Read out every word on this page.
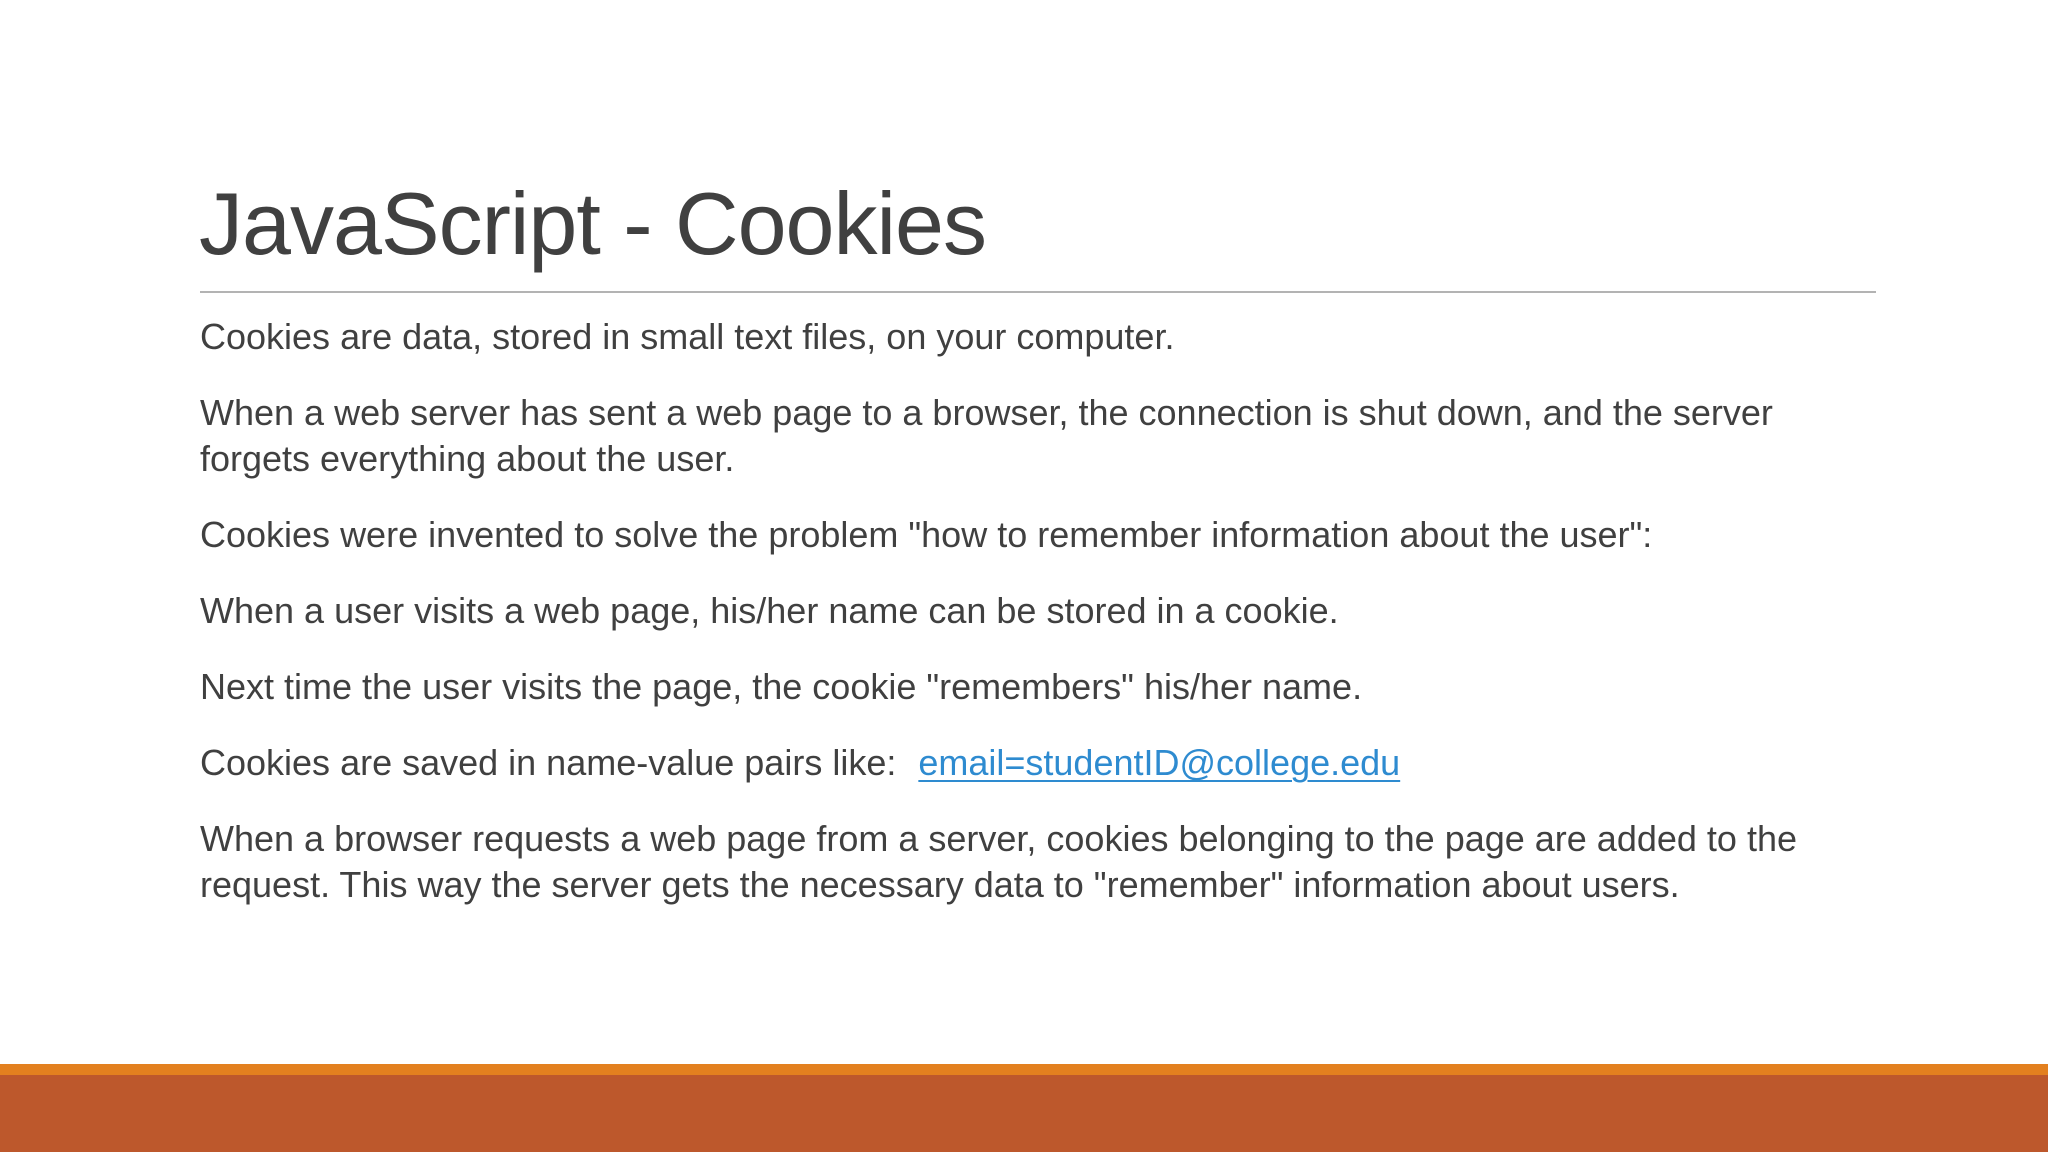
JavaScript - Cookies

Cookies are data, stored in small text files, on your computer.

When a web server has sent a web page to a browser, the connection is shut down, and the server forgets everything about the user.

Cookies were invented to solve the problem "how to remember information about the user":

When a user visits a web page, his/her name can be stored in a cookie.

Next time the user visits the page, the cookie "remembers" his/her name.

Cookies are saved in name-value pairs like: email=studentID@college.edu

When a browser requests a web page from a server, cookies belonging to the page are added to the request. This way the server gets the necessary data to "remember" information about users.
